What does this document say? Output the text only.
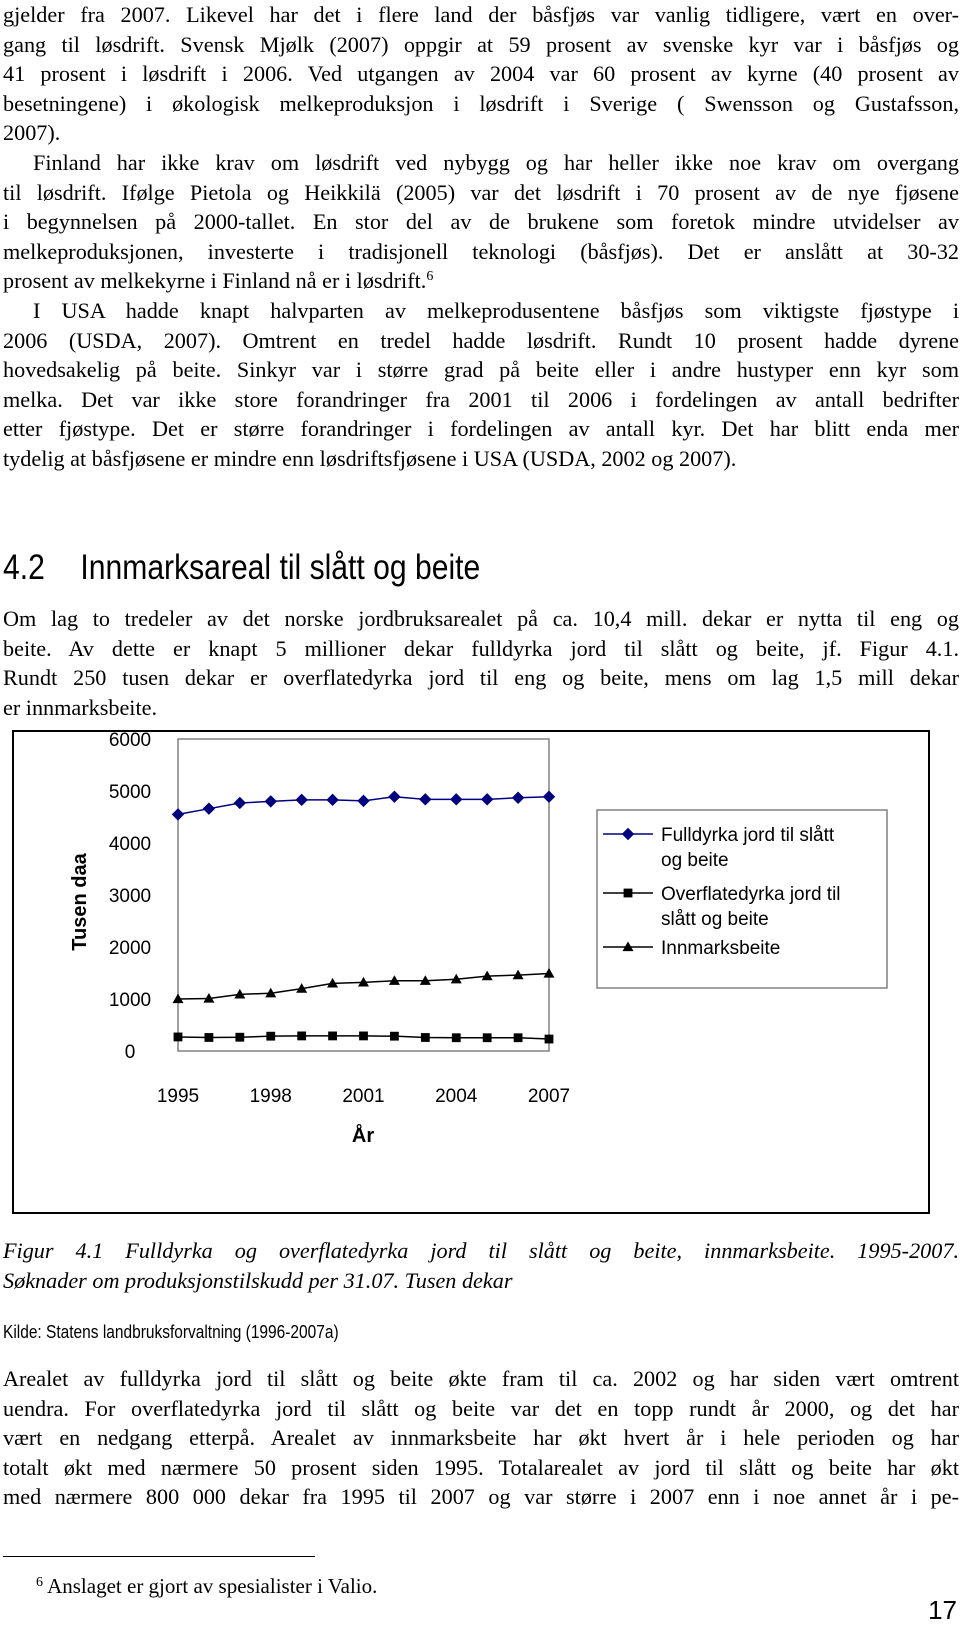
gjelder fra 2007. Likevel har det i flere land der båsfjøs var vanlig tidligere, vært en over-
gang til løsdrift. Svensk Mjølk (2007) oppgir at 59 prosent av svenske kyr var i båsfjøs og
41 prosent i løsdrift i 2006. Ved utgangen av 2004 var 60 prosent av kyrne (40 prosent av
besetningene) i økologisk melkeproduksjon i løsdrift i Sverige ( Swensson og Gustafsson,
2007).
Finland har ikke krav om løsdrift ved nybygg og har heller ikke noe krav om overgang
til løsdrift. Ifølge Pietola og Heikkilä (2005) var det løsdrift i 70 prosent av de nye fjøsene
i begynnelsen på 2000-tallet. En stor del av de brukene som foretok mindre utvidelser av
melkeproduksjonen, investerte i tradisjonell teknologi (båsfjøs). Det er anslått at 30-32
prosent av melkekyrne i Finland nå er i løsdrift.$^6$
I USA hadde knapt halvparten av melkeprodusentene båsfjøs som viktigste fjøstype i
2006 (USDA, 2007). Omtrent en tredel hadde løsdrift. Rundt 10 prosent hadde dyrene
hovedsakelig på beite. Sinkyr var i større grad på beite eller i andre hustyper enn kyr som
melka. Det var ikke store forandringer fra 2001 til 2006 i fordelingen av antall bedrifter
etter fjøstype. Det er større forandringer i fordelingen av antall kyr. Det har blitt enda mer
tydelig at båsfjøsene er mindre enn løsdriftsfjøsene i USA (USDA, 2002 og 2007).
4.2 Innmarksareal til slått og beite
Om lag to tredeler av det norske jordbruksarealet på ca. 10,4 mill. dekar er nytta til eng og
beite. Av dette er knapt 5 millioner dekar fulldyrka jord til slått og beite, jf. Figur 4.1.
Rundt 250 tusen dekar er overflatedyrka jord til eng og beite, mens om lag 1,5 mill dekar
er innmarksbeite.
0
1000
2000
3000
4000
5000
6000
1995	1998	2001	2004	2007
År
Tusen daa
Fulldyrka jord til slått
og beite
Overflatedyrka jord til
slått og beite
Innmarksbeite
Figur 4.1 Fulldyrka og overflatedyrka jord til slått og beite, innmarksbeite. 1995-2007.
Søknader om produksjonstilskudd per 31.07. Tusen dekar
Kilde: Statens landbruksforvaltning (1996-2007a)
Arealet av fulldyrka jord til slått og beite økte fram til ca. 2002 og har siden vært omtrent
uendra. For overflatedyrka jord til slått og beite var det en topp rundt år 2000, og det har
vært en nedgang etterpå. Arealet av innmarksbeite har økt hvert år i hele perioden og har
totalt økt med nærmere 50 prosent siden 1995. Totalarealet av jord til slått og beite har økt
med nærmere 800 000 dekar fra 1995 til 2007 og var større i 2007 enn i noe annet år i pe-
$^6$ Anslaget er gjort av spesialister i Valio.
17
